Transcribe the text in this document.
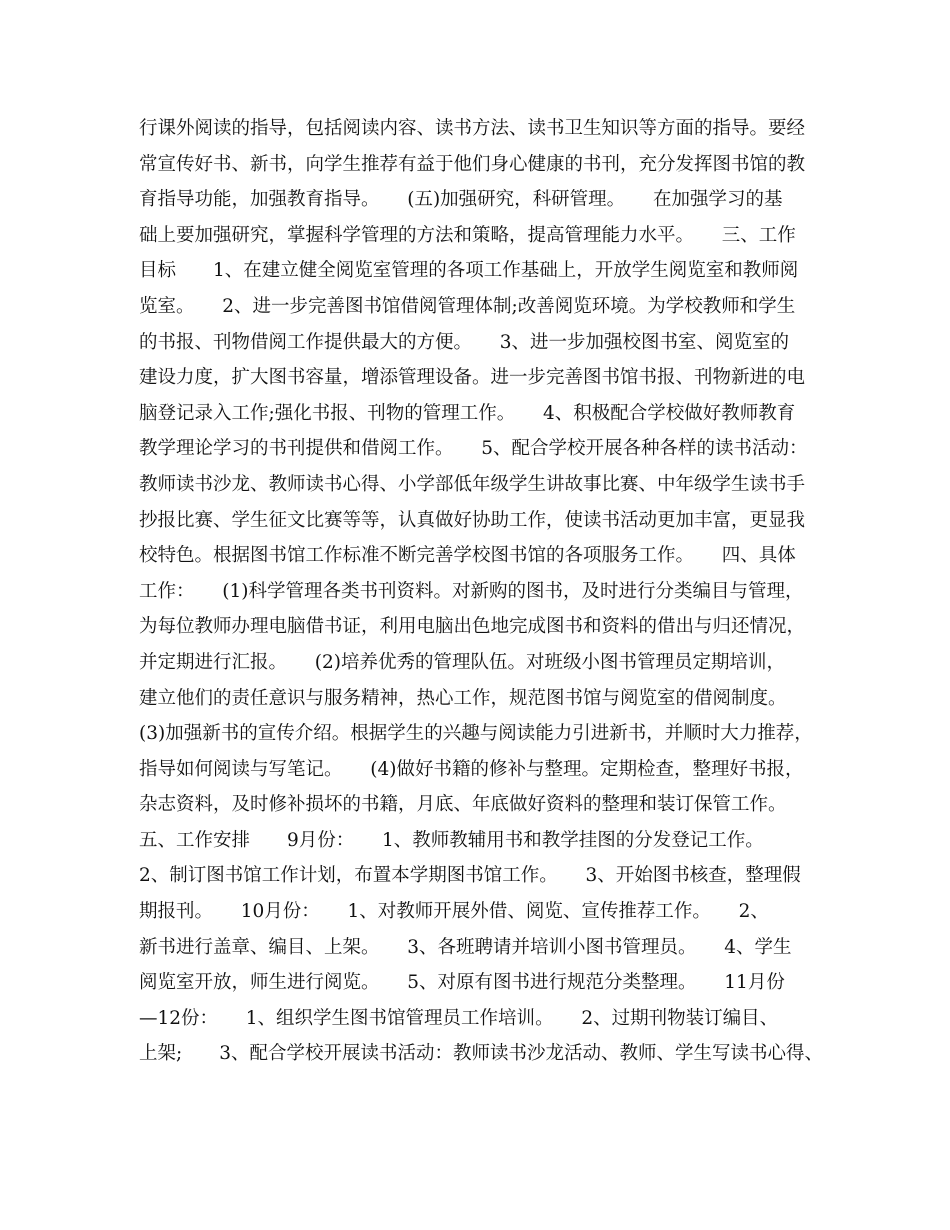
行课外阅读的指导，包括阅读内容、读书方法、读书卫生知识等方面的指导。要经
常宣传好书、新书，向学生推荐有益于他们身心健康的书刊，充分发挥图书馆的教
育指导功能，加强教育指导。　　(五)加强研究，科研管理。　　在加强学习的基
础上要加强研究，掌握科学管理的方法和策略，提高管理能力水平。　　三、工作
目标　　1、在建立健全阅览室管理的各项工作基础上，开放学生阅览室和教师阅
览室。　　2、进一步完善图书馆借阅管理体制;改善阅览环境。为学校教师和学生
的书报、刊物借阅工作提供最大的方便。　　3、进一步加强校图书室、阅览室的
建设力度，扩大图书容量，增添管理设备。进一步完善图书馆书报、刊物新进的电
脑登记录入工作;强化书报、刊物的管理工作。　　4、积极配合学校做好教师教育
教学理论学习的书刊提供和借阅工作。　　5、配合学校开展各种各样的读书活动：
教师读书沙龙、教师读书心得、小学部低年级学生讲故事比赛、中年级学生读书手
抄报比赛、学生征文比赛等等，认真做好协助工作，使读书活动更加丰富，更显我
校特色。根据图书馆工作标准不断完善学校图书馆的各项服务工作。　　四、具体
工作：　　(1)科学管理各类书刊资料。对新购的图书，及时进行分类编目与管理，
为每位教师办理电脑借书证，利用电脑出色地完成图书和资料的借出与归还情况，
并定期进行汇报。　　(2)培养优秀的管理队伍。对班级小图书管理员定期培训，
建立他们的责任意识与服务精神，热心工作，规范图书馆与阅览室的借阅制度。
(3)加强新书的宣传介绍。根据学生的兴趣与阅读能力引进新书，并顺时大力推荐，
指导如何阅读与写笔记。　　(4)做好书籍的修补与整理。定期检查，整理好书报，
杂志资料，及时修补损坏的书籍，月底、年底做好资料的整理和装订保管工作。
五、工作安排　　9月份：　　1、教师教辅用书和教学挂图的分发登记工作。
2、制订图书馆工作计划，布置本学期图书馆工作。　　3、开始图书核查，整理假
期报刊。　　10月份：　　1、对教师开展外借、阅览、宣传推荐工作。　　2、
新书进行盖章、编目、上架。　　3、各班聘请并培训小图书管理员。　　4、学生
阅览室开放，师生进行阅览。　　5、对原有图书进行规范分类整理。　　11月份
—12份：　　1、组织学生图书馆管理员工作培训。　　2、过期刊物装订编目、
上架;　　3、配合学校开展读书活动：教师读书沙龙活动、教师、学生写读书心得、
